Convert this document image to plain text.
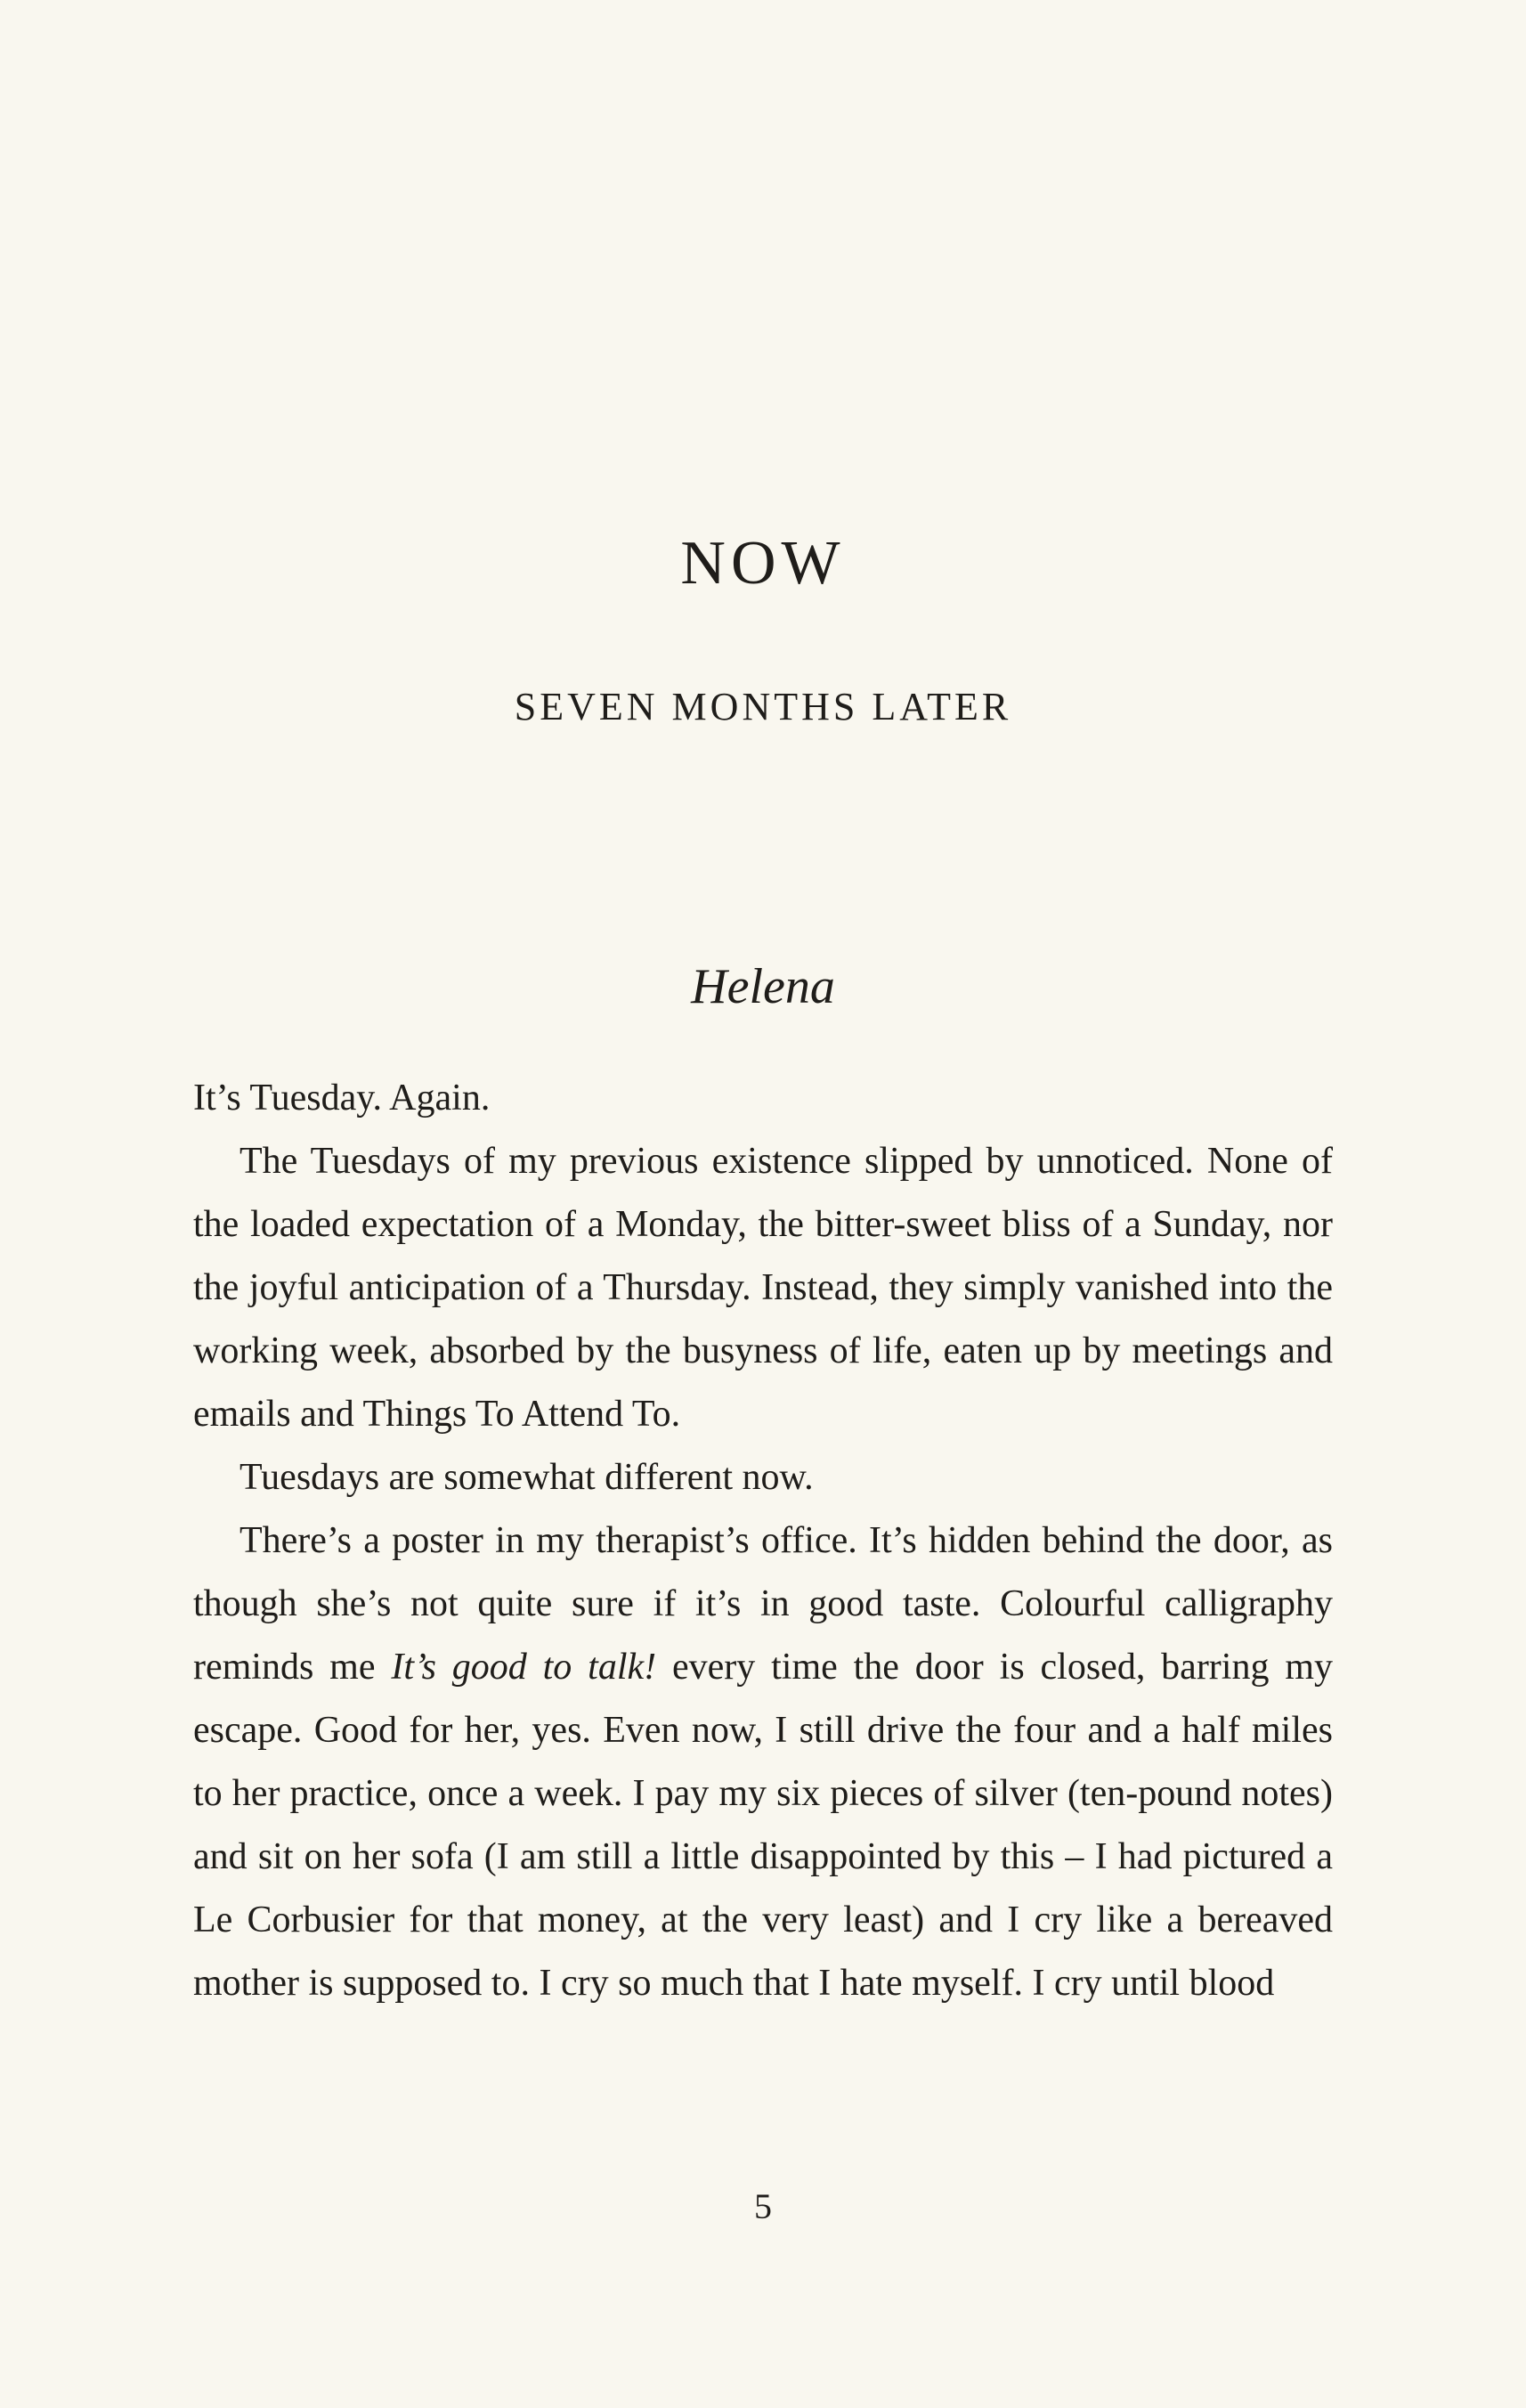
NOW
SEVEN MONTHS LATER
Helena

It’s Tuesday. Again.

The Tuesdays of my previous existence slipped by unnoticed. None of the loaded expectation of a Monday, the bitter-sweet bliss of a Sunday, nor the joyful anticipation of a Thursday. Instead, they simply vanished into the working week, absorbed by the busyness of life, eaten up by meetings and emails and Things To Attend To.

Tuesdays are somewhat different now.

There’s a poster in my therapist’s office. It’s hidden behind the door, as though she’s not quite sure if it’s in good taste. Colourful calligraphy reminds me It’s good to talk! every time the door is closed, barring my escape. Good for her, yes. Even now, I still drive the four and a half miles to her practice, once a week. I pay my six pieces of silver (ten-pound notes) and sit on her sofa (I am still a little disappointed by this – I had pictured a Le Corbusier for that money, at the very least) and I cry like a bereaved mother is supposed to. I cry so much that I hate myself. I cry until blood

5
